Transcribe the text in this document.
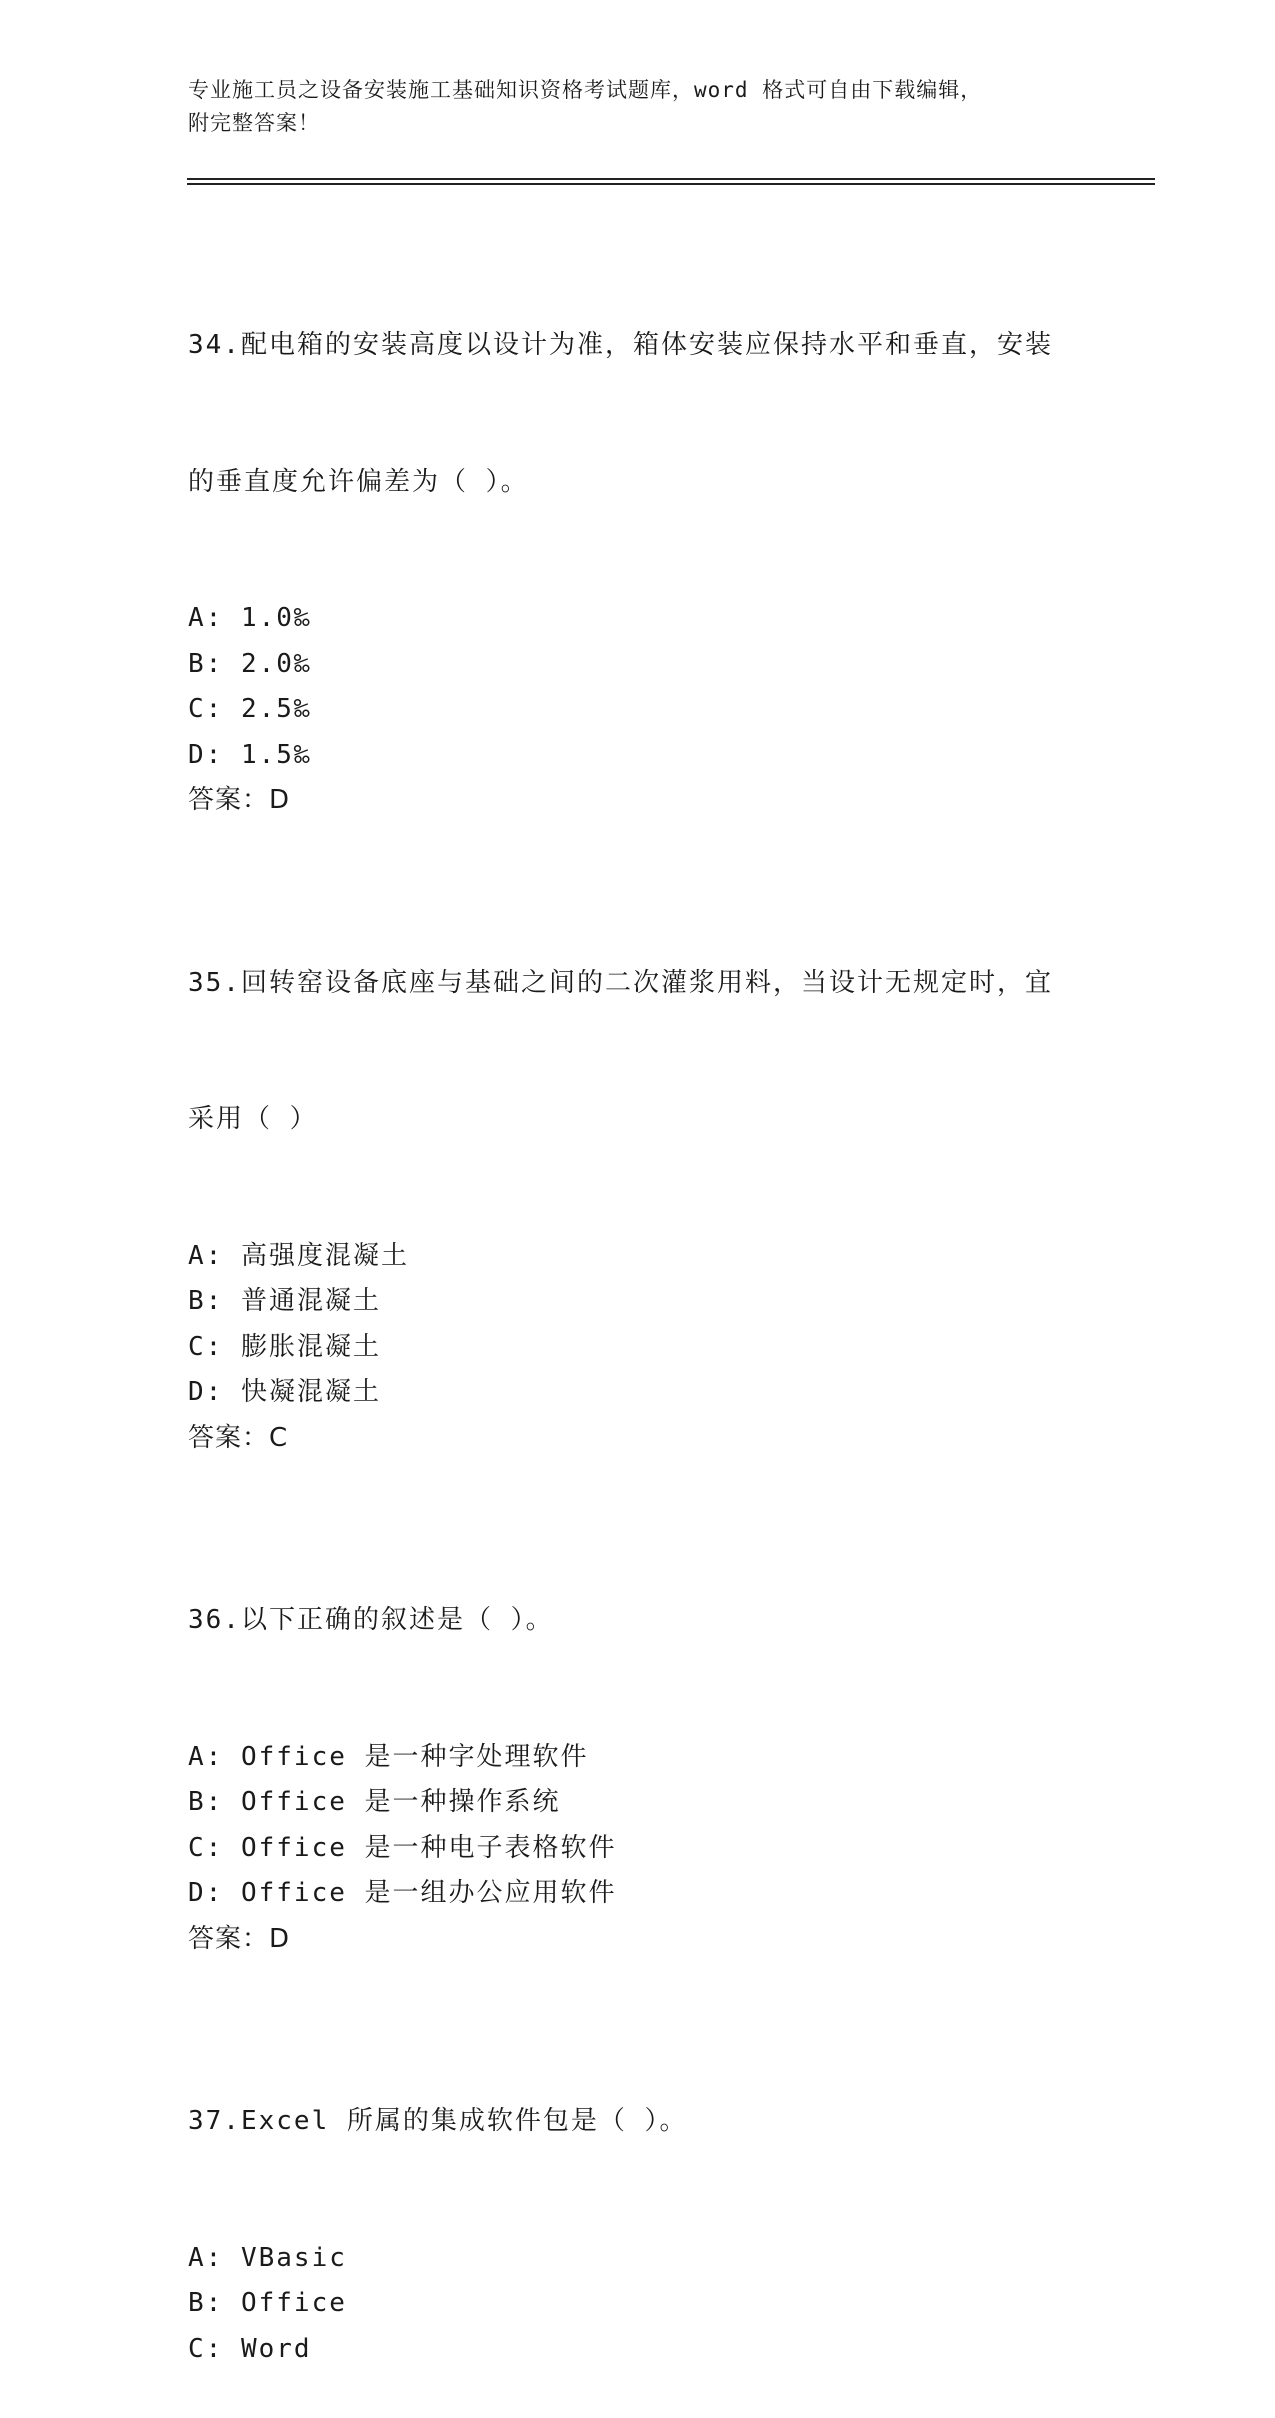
专业施工员之设备安装施工基础知识资格考试题库，word 格式可自由下载编辑，
附完整答案！

34.配电箱的安装高度以设计为准，箱体安装应保持水平和垂直，安装

的垂直度允许偏差为（ ）。

A: 1.0‰
B: 2.0‰
C: 2.5‰
D: 1.5‰
答案：D

35.回转窑设备底座与基础之间的二次灌浆用料，当设计无规定时，宜

采用（ ）

A: 高强度混凝土
B: 普通混凝土
C: 膨胀混凝土
D: 快凝混凝土
答案：C

36.以下正确的叙述是（ ）。

A: Office 是一种字处理软件
B: Office 是一种操作系统
C: Office 是一种电子表格软件
D: Office 是一组办公应用软件
答案：D

37.Excel 所属的集成软件包是（ ）。

A: VBasic
B: Office
C: Word
